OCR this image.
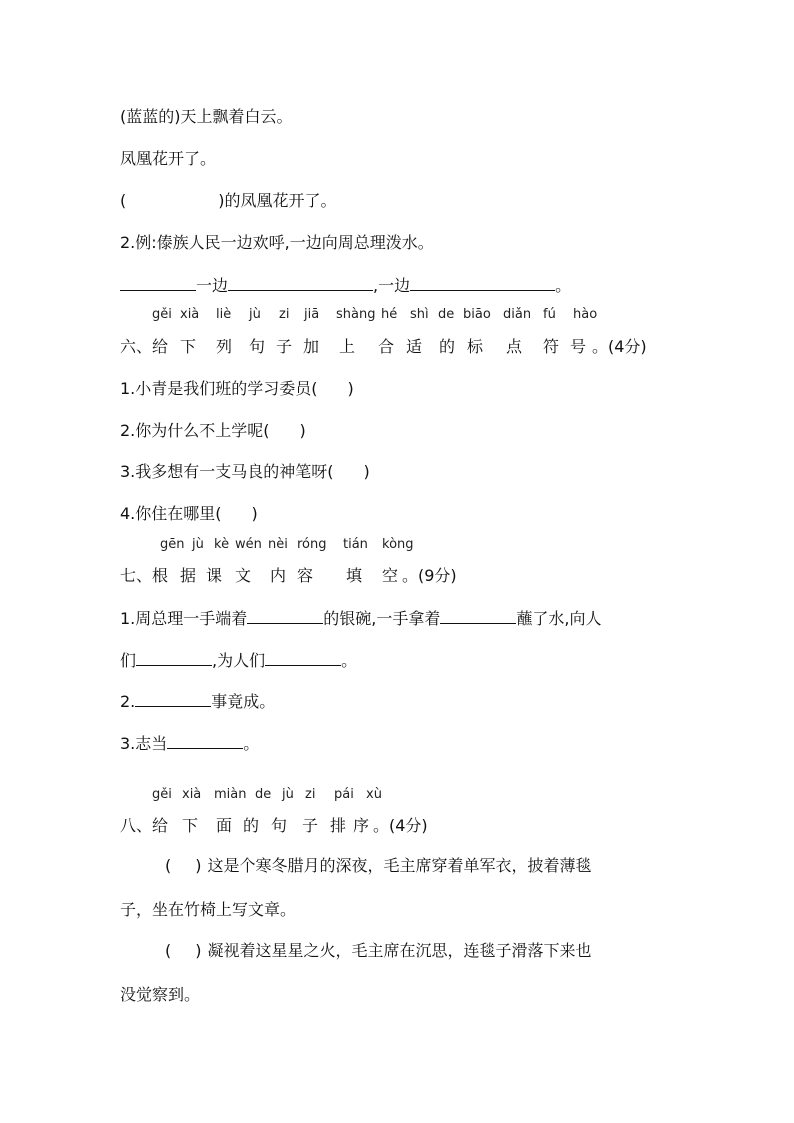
(蓝蓝的)天上飘着白云。
凤凰花开了。
(	)的凤凰花开了。
2.例:傣族人民一边欢呼,一边向周总理泼水。
一边	,一边	。
gěi xià liè jù zi jiā shàng hé shì de biāo diǎn fú hào
六、给 下 列 句 子 加 上 合 适 的 标 点 符 号 。(4分)
1.小青是我们班的学习委员( )
2.你为什么不上学呢( )
3.我多想有一支马良的神笔呀( )
4.你住在哪里( )
gēn jù kè wén nèi róng tián kòng
七、根 据 课 文 内 容 填 空 。(9分)
1.周总理一手端着	的银碗,一手拿着	蘸了水,向人
们	,为人们	。
2.	事竟成。
3.志当	。
gěi xià miàn de jù zi pái xù
八、给 下 面 的 句 子 排 序 。(4分)
( ) 这是个寒冬腊月的深夜，毛主席穿着单军衣，披着薄毯
子，坐在竹椅上写文章。
( ) 凝视着这星星之火，毛主席在沉思，连毯子滑落下来也
没觉察到。
